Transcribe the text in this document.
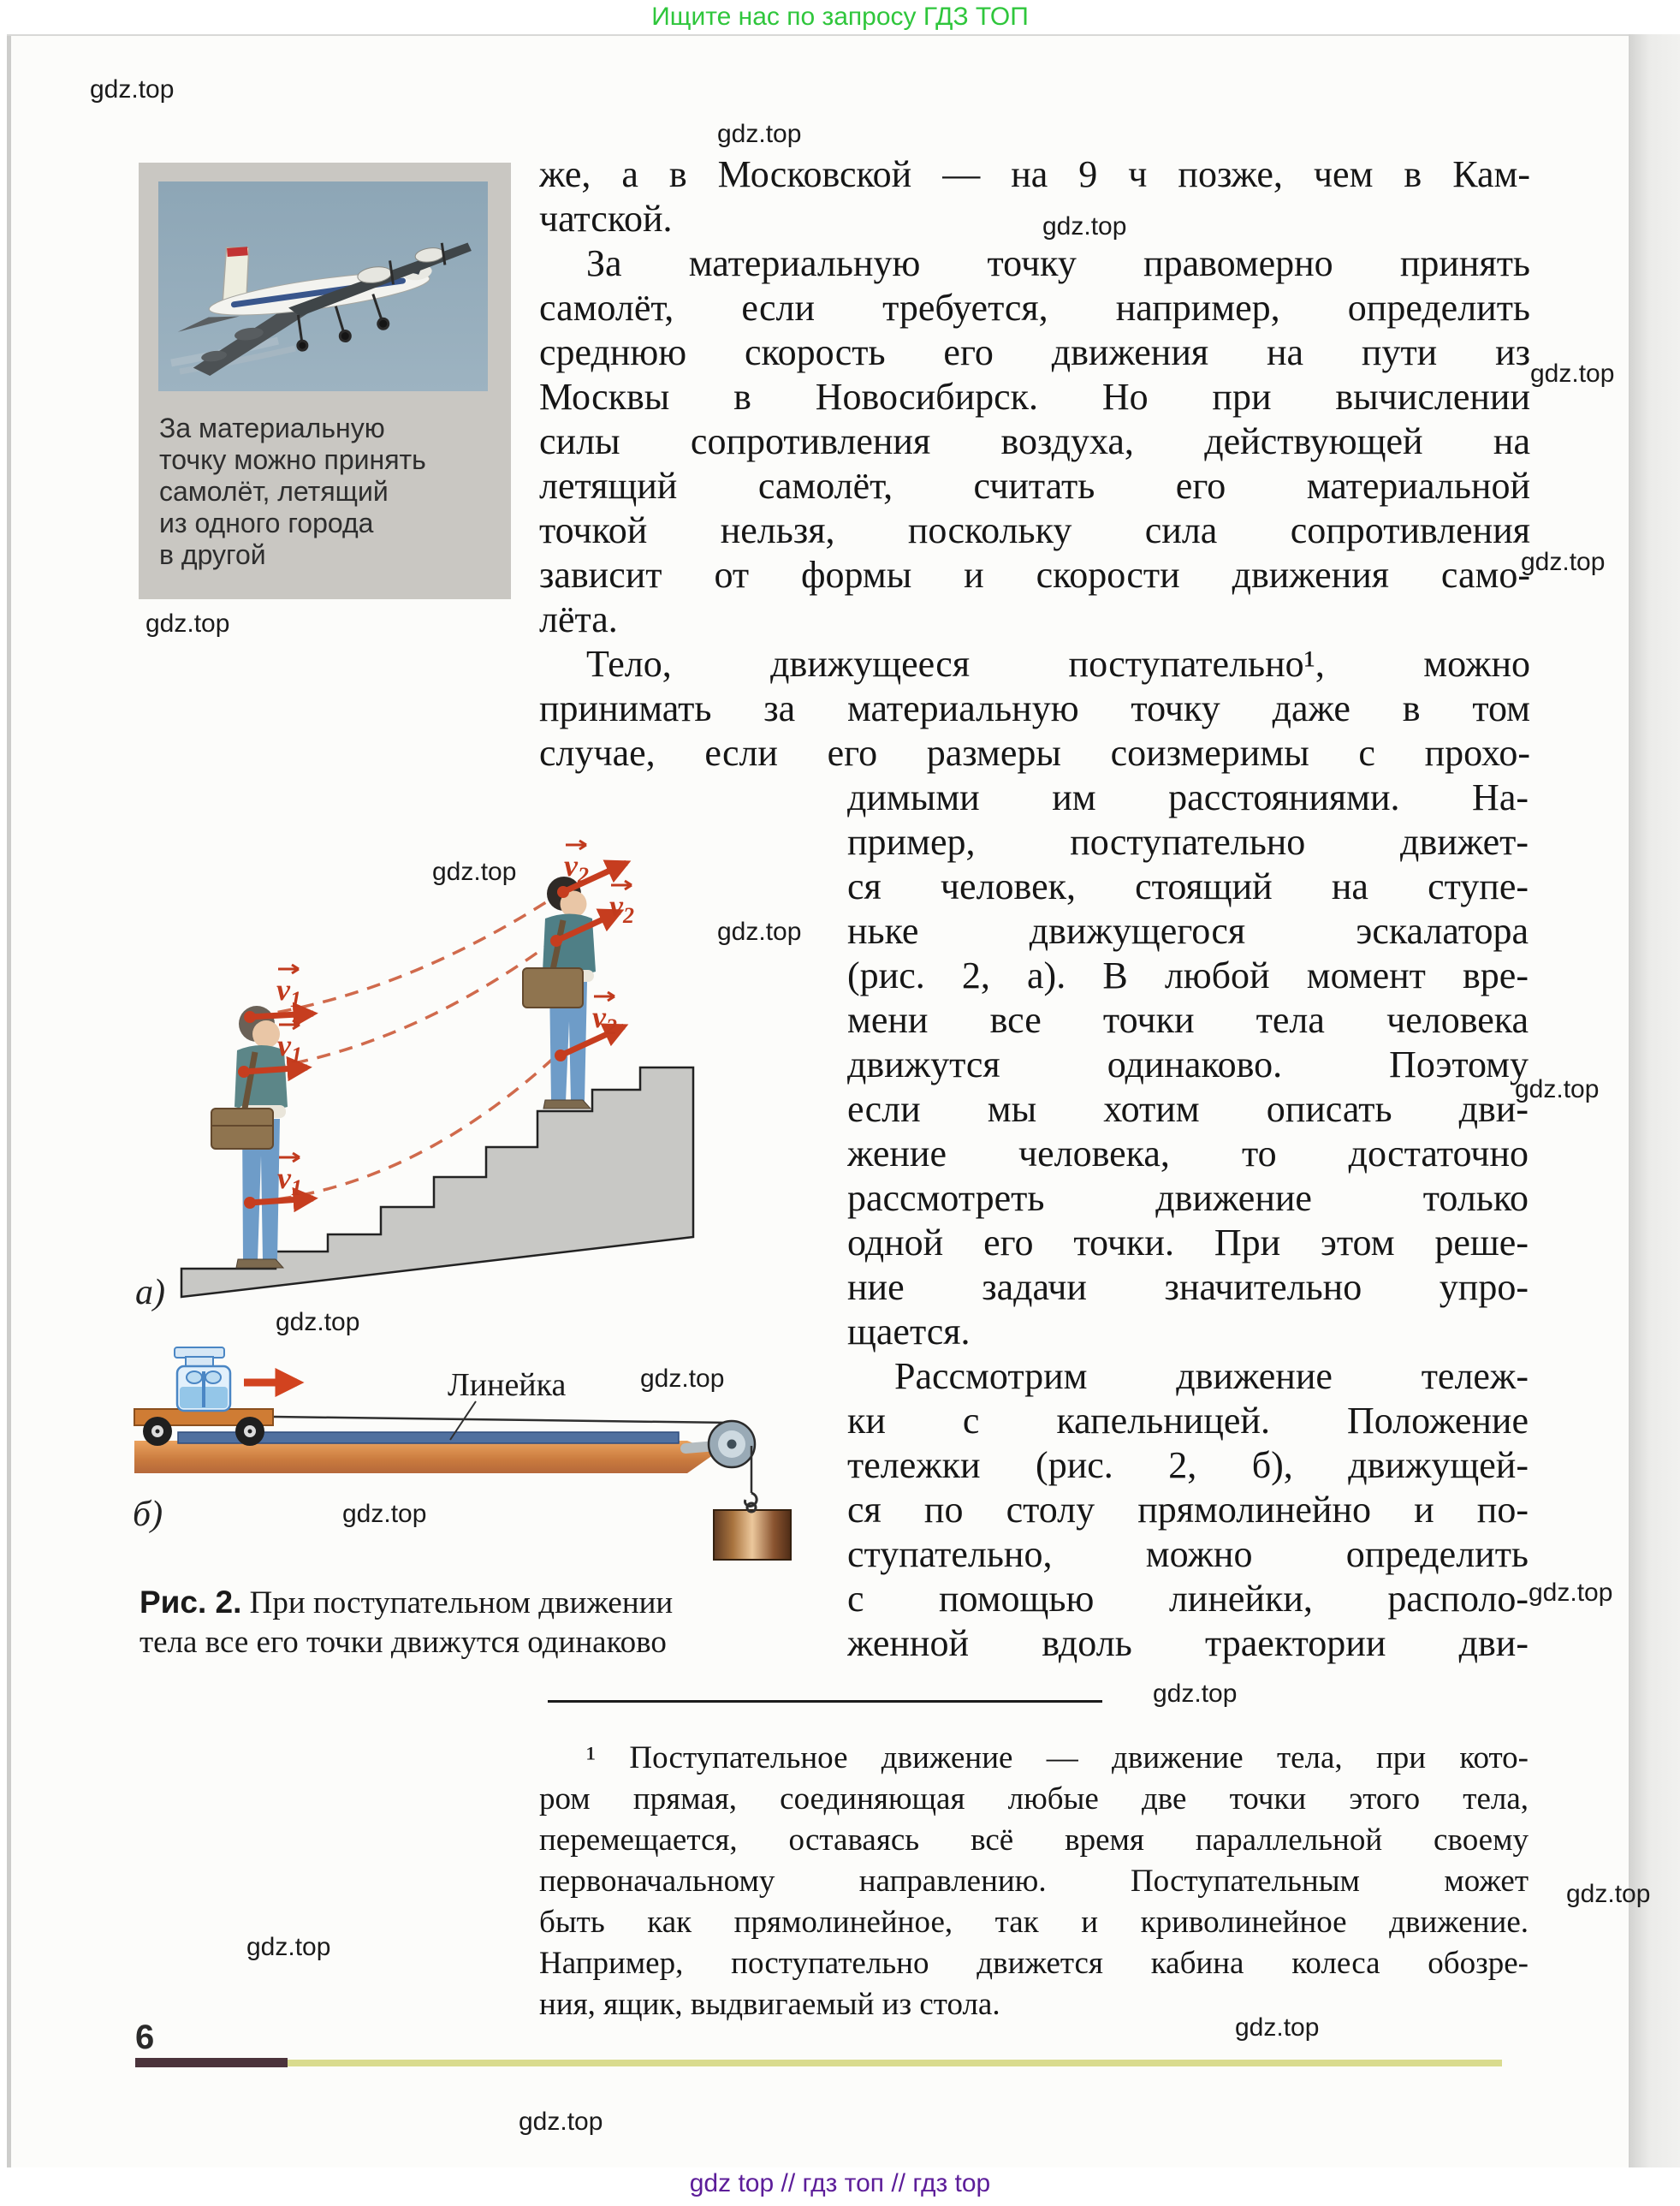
Ищите нас по запросу ГДЗ ТОП
gdz.top
gdz.top
gdz.top
gdz.top
gdz.top
gdz.top
gdz.top
gdz.top
gdz.top
gdz.top
gdz.top
gdz.top
gdz.top
gdz.top
gdz.top
gdz.top
gdz.top
gdz.top
За материальную
точку можно принять
самолёт, летящий
из одного города
в другой
же, а в Московской — на 9 ч позже, чем в Кам-
чатской.
За материальную точку правомерно принять
самолёт, если требуется, например, определить
среднюю скорость его движения на пути из
Москвы в Новосибирск. Но при вычислении
силы сопротивления воздуха, действующей на
летящий самолёт, считать его материальной
точкой нельзя, поскольку сила сопротивления
зависит от формы и скорости движения само-
лёта.
Тело, движущееся поступательно¹, можно
принимать за материальную точку даже в том
случае, если его размеры соизмеримы с прохо-
димыми им расстояниями. На-
пример, поступательно движет-
ся человек, стоящий на ступе-
ньке движущегося эскалатора
(рис. 2, а). В любой момент вре-
мени все точки тела человека
движутся одинаково. Поэтому
если мы хотим описать дви-
жение человека, то достаточно
рассмотреть движение только
одной его точки. При этом реше-
ние задачи значительно упро-
щается.
Рассмотрим движение тележ-
ки с капельницей. Положение
тележки (рис. 2, б), движущей-
ся по столу прямолинейно и по-
ступательно, можно определить
с помощью линейки, располо-
женной вдоль траектории дви-
$v_1$
$v_1$
$v_1$
$v_2$
$v_2$
$v_2$
а)
Линейка
б)
Рис. 2. При поступательном движении
тела все его точки движутся одинаково
¹ Поступательное движение — движение тела, при кото-
ром прямая, соединяющая любые две точки этого тела,
перемещается, оставаясь всё время параллельной своему
первоначальному направлению. Поступательным может
быть как прямолинейное, так и криволинейное движение.
Например, поступательно движется кабина колеса обозре-
ния, ящик, выдвигаемый из стола.
6
gdz top // гдз топ // гдз top
